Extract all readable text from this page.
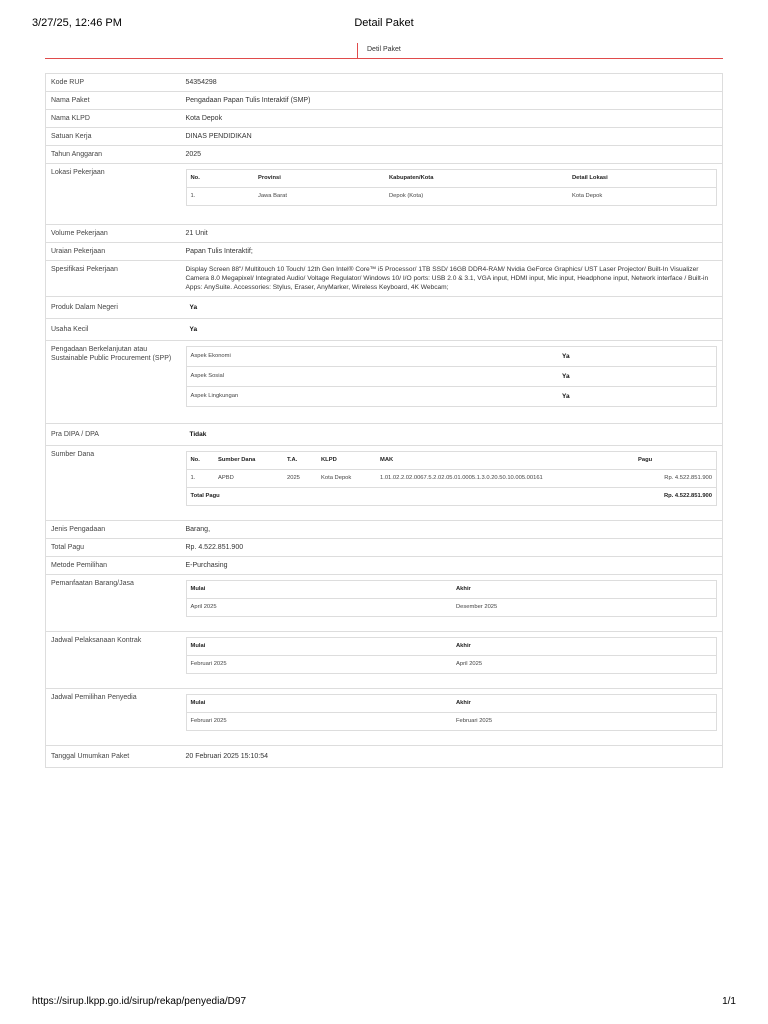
3/27/25, 12:46 PM	Detail Paket
Detil Paket
Kode RUP	54354298
Nama Paket	Pengadaan Papan Tulis Interaktif (SMP)
Nama KLPD	Kota Depok
Satuan Kerja	DINAS PENDIDIKAN
Tahun Anggaran	2025
Lokasi Pekerjaan	
No.	Provinsi	Kabupaten/Kota	Detail Lokasi
1.	Jawa Barat	Depok (Kota)	Kota Depok

Volume Pekerjaan	21 Unit
Uraian Pekerjaan	Papan Tulis Interaktif;
Spesifikasi Pekerjaan	Display Screen 88"/ Multitouch 10 Touch/ 12th Gen Intel® Core™ i5 Processor/ 1TB SSD/ 16GB DDR4-RAM/ Nvidia GeForce Graphics/ UST Laser Projector/ Built-In Visualizer Camera 8.0 Megapixel/ Integrated Audio/ Voltage Regulator/ Windows 10/ I/O ports: USB 2.0 & 3.1, VGA input, HDMI input, Mic input, Headphone input, Network interface / Built-in Apps: AnySuite. Accessories: Stylus, Eraser, AnyMarker, Wireless Keyboard, 4K Webcam;
Produk Dalam Negeri	Ya
Usaha Kecil	Ya
Pengadaan Berkelanjutan atau Sustainable Public Procurement (SPP)		Aspek Ekonomi	Ya
Aspek Sosial	Ya
Aspek Lingkungan	Ya

Pra DIPA / DPA	Tidak
Sumber Dana	
No.	Sumber Dana	T.A.	KLPD	MAK	Pagu
1.	APBD	2025	Kota Depok	1.01.02.2.02.0067.5.2.02.05.01.0005.1.3.0.20.50.10.005.00161	Rp. 4.522.851.900
Total Pagu	Rp. 4.522.851.900

Jenis Pengadaan	Barang,
Total Pagu	Rp. 4.522.851.900
Metode Pemilihan	E-Purchasing
Pemanfaatan Barang/Jasa	
Mulai	Akhir
April 2025	Desember 2025

Jadwal Pelaksanaan Kontrak	
Mulai	Akhir
Februari 2025	April 2025

Jadwal Pemilihan Penyedia	
Mulai	Akhir
Februari 2025	Februari 2025

Tanggal Umumkan Paket	20 Februari 2025 15:10:54
https://sirup.lkpp.go.id/sirup/rekap/penyedia/D97	1/1
